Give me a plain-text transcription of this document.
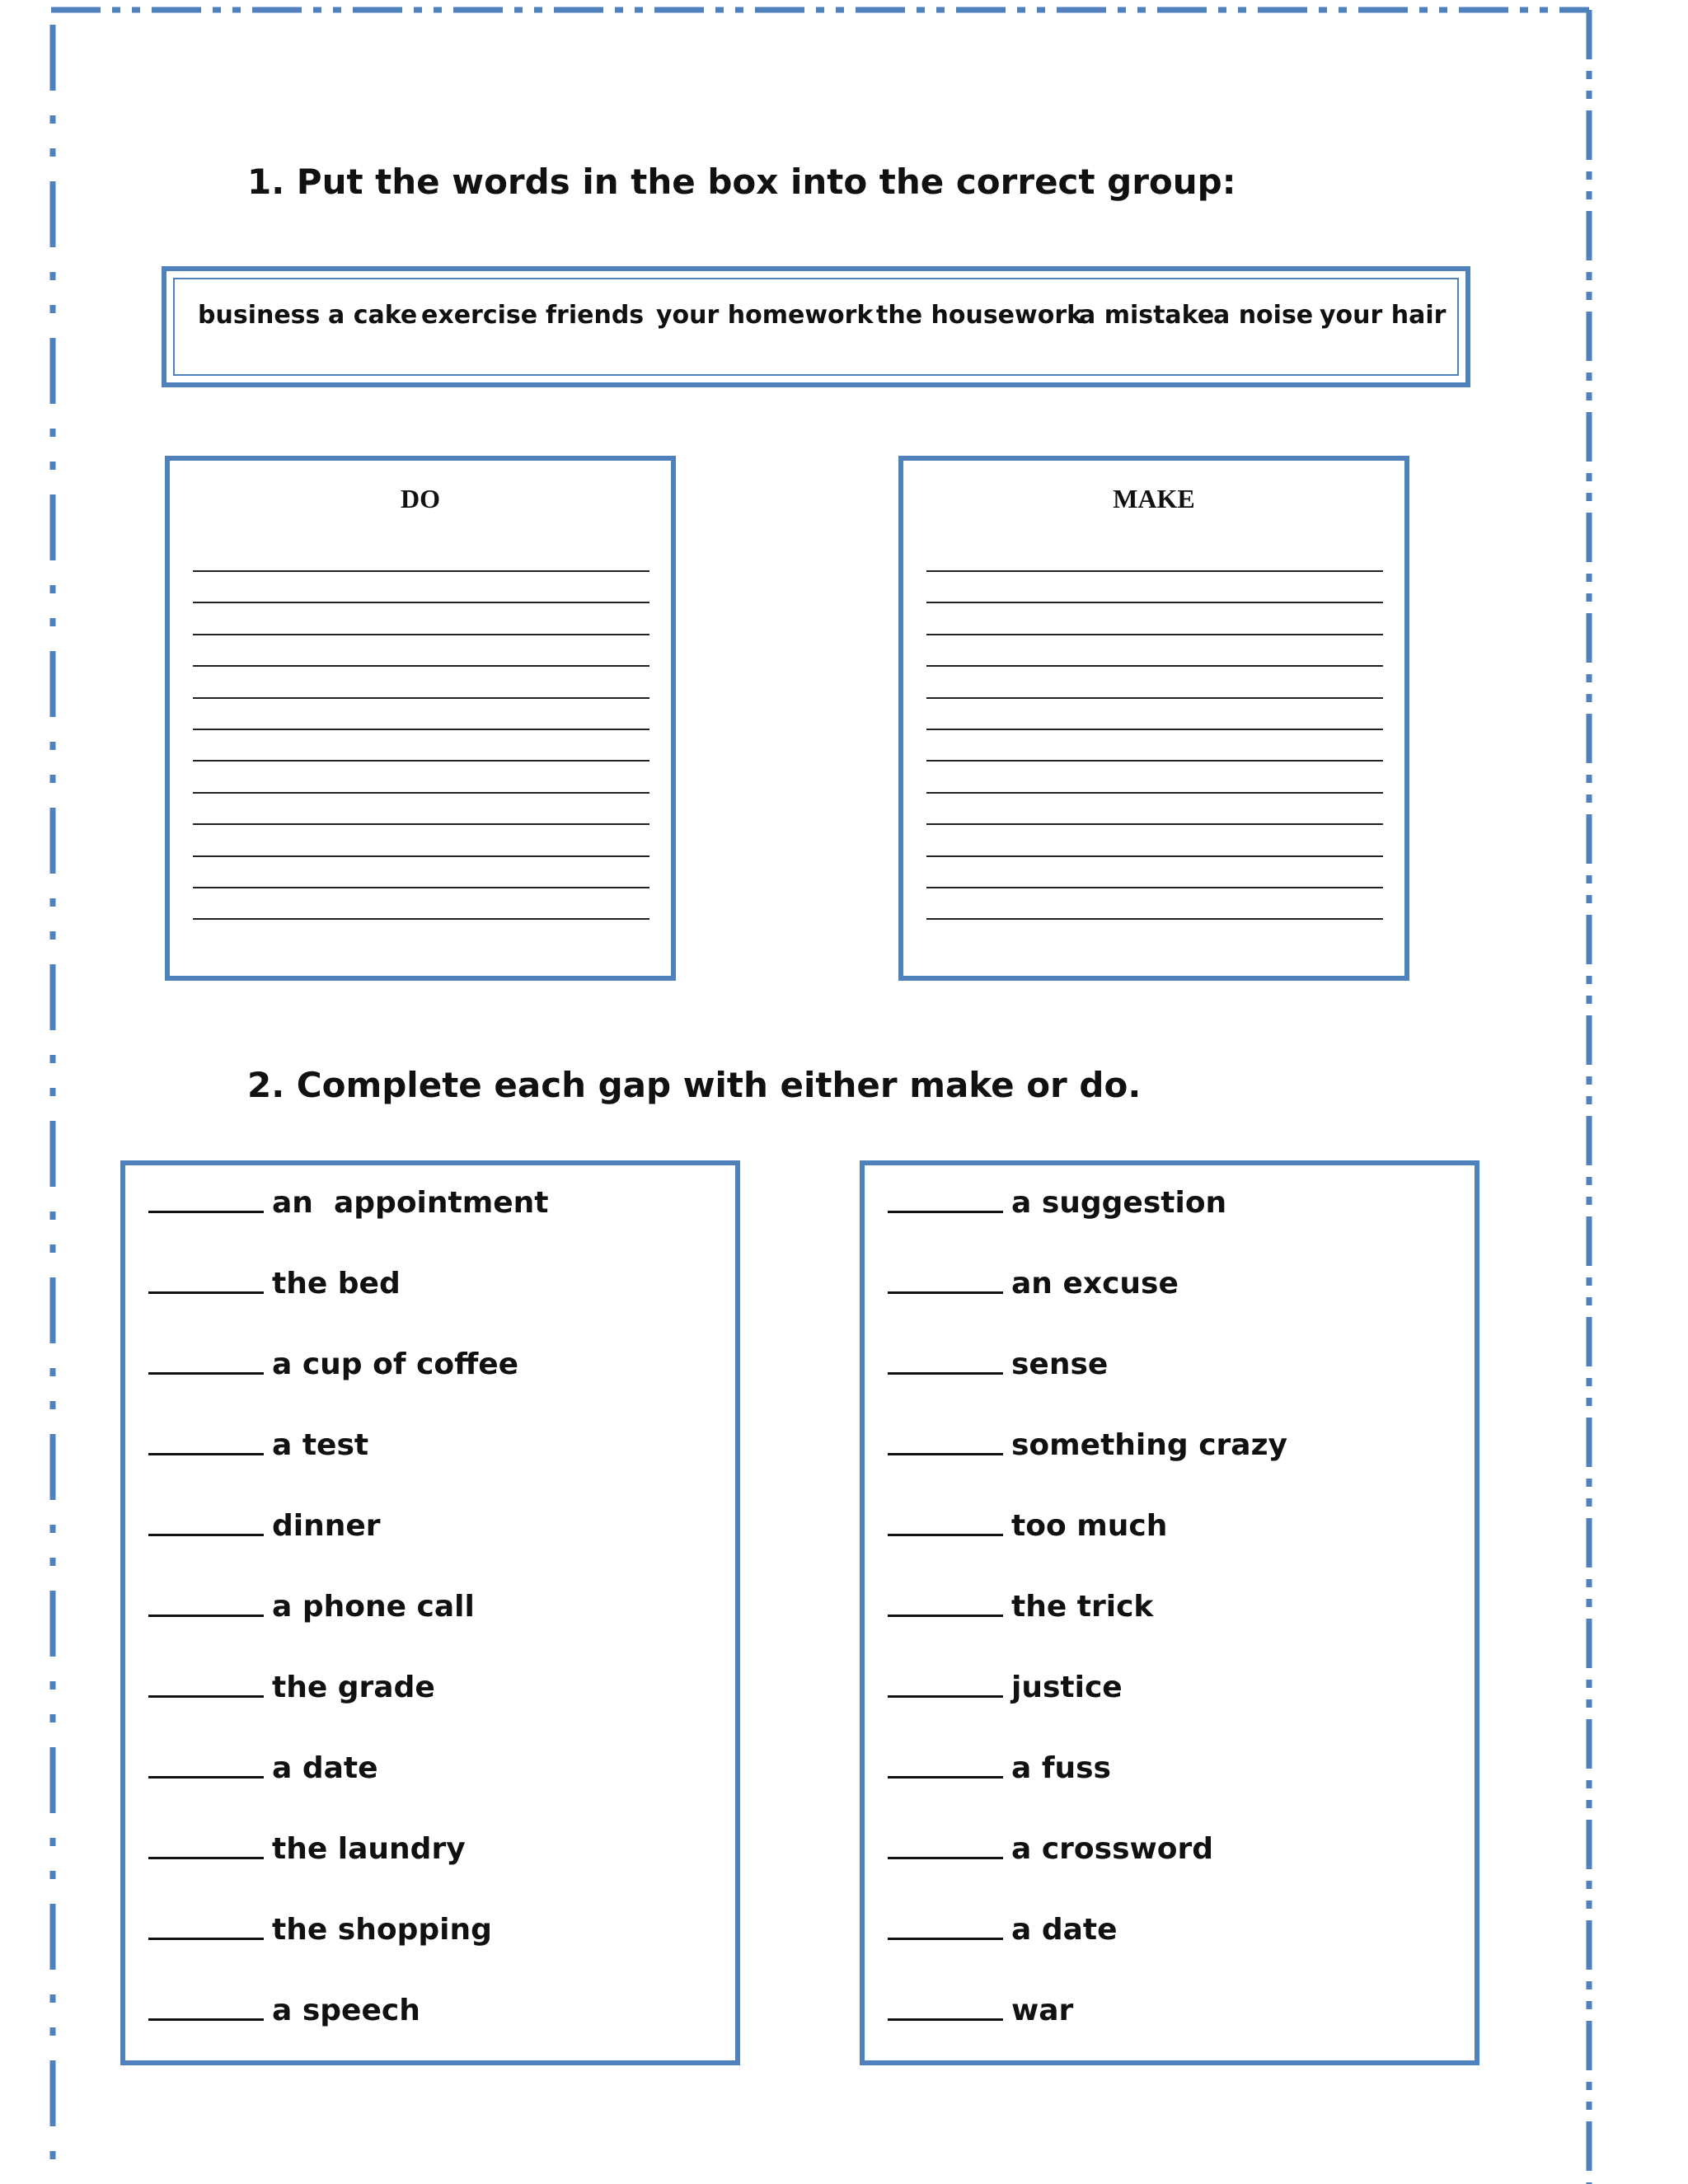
1. Put the words in the box into the correct group:
business a cake exercise friends your homework the housework
a mistake
a noise your hair
DO	MAKE
2. Complete each gap with either make or do.
an  appointment
the bed
a cup of coffee
a test
dinner
a phone call
the grade
a date
the laundry
the shopping
a speech
a suggestion
an excuse
sense
something crazy
too much
the trick
justice
a fuss
a crossword
a date
war
